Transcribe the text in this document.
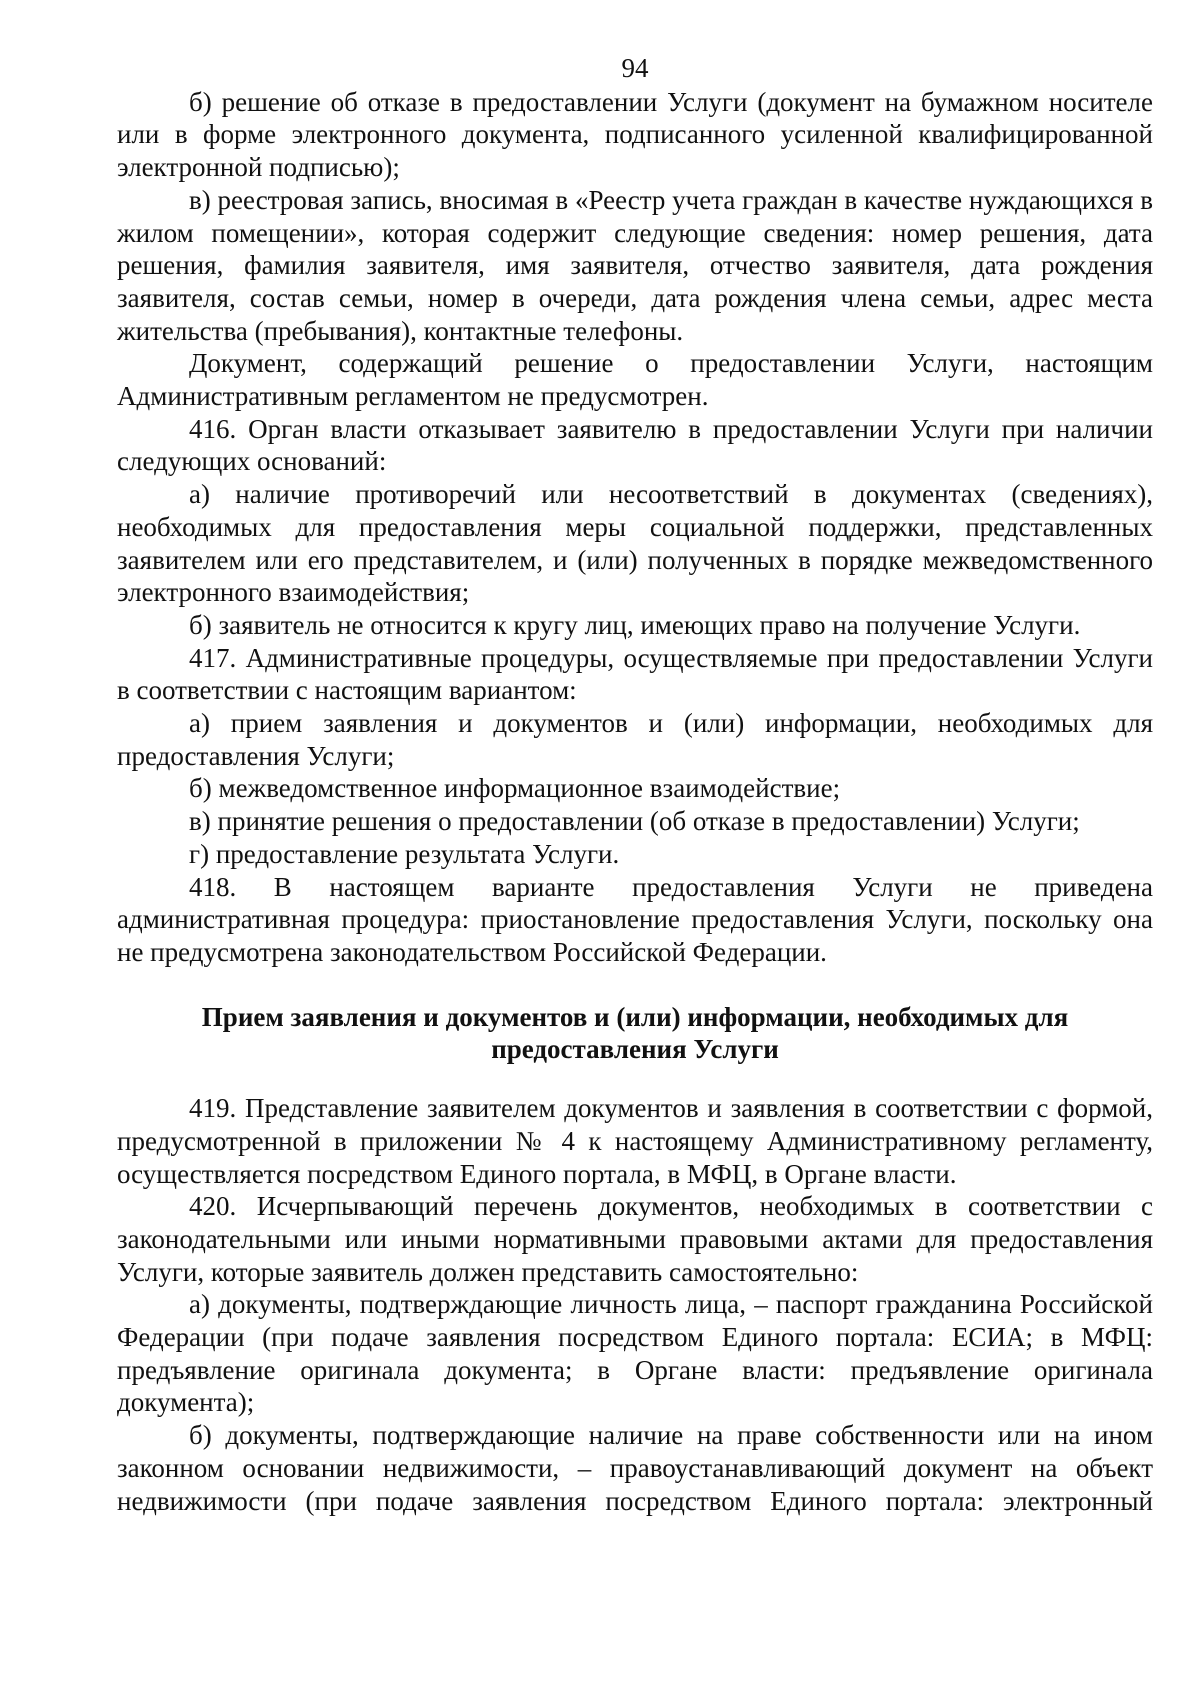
94

б) решение об отказе в предоставлении Услуги (документ на бумажном носителе или в форме электронного документа, подписанного усиленной квалифицированной электронной подписью);

в) реестровая запись, вносимая в «Реестр учета граждан в качестве нуждающихся в жилом помещении», которая содержит следующие сведения: номер решения, дата решения, фамилия заявителя, имя заявителя, отчество заявителя, дата рождения заявителя, состав семьи, номер в очереди, дата рождения члена семьи, адрес места жительства (пребывания), контактные телефоны.

Документ, содержащий решение о предоставлении Услуги, настоящим Административным регламентом не предусмотрен.

416. Орган власти отказывает заявителю в предоставлении Услуги при наличии следующих оснований:

а) наличие противоречий или несоответствий в документах (сведениях), необходимых для предоставления меры социальной поддержки, представленных заявителем или его представителем, и (или) полученных в порядке межведомственного электронного взаимодействия;

б) заявитель не относится к кругу лиц, имеющих право на получение Услуги.

417. Административные процедуры, осуществляемые при предоставлении Услуги в соответствии с настоящим вариантом:

а) прием заявления и документов и (или) информации, необходимых для предоставления Услуги;

б) межведомственное информационное взаимодействие;

в) принятие решения о предоставлении (об отказе в предоставлении) Услуги;

г) предоставление результата Услуги.

418. В настоящем варианте предоставления Услуги не приведена административная процедура: приостановление предоставления Услуги, поскольку она не предусмотрена законодательством Российской Федерации.

Прием заявления и документов и (или) информации, необходимых для
предоставления Услуги

419. Представление заявителем документов и заявления в соответствии с формой, предусмотренной в приложении № 4 к настоящему Административному регламенту, осуществляется посредством Единого портала, в МФЦ, в Органе власти.

420. Исчерпывающий перечень документов, необходимых в соответствии с законодательными или иными нормативными правовыми актами для предоставления Услуги, которые заявитель должен представить самостоятельно:

а) документы, подтверждающие личность лица, – паспорт гражданина Российской Федерации (при подаче заявления посредством Единого портала: ЕСИА; в МФЦ: предъявление оригинала документа; в Органе власти: предъявление оригинала документа);

б) документы, подтверждающие наличие на праве собственности или на ином законном основании недвижимости, – правоустанавливающий документ на объект недвижимости (при подаче заявления посредством Единого портала: электронный
